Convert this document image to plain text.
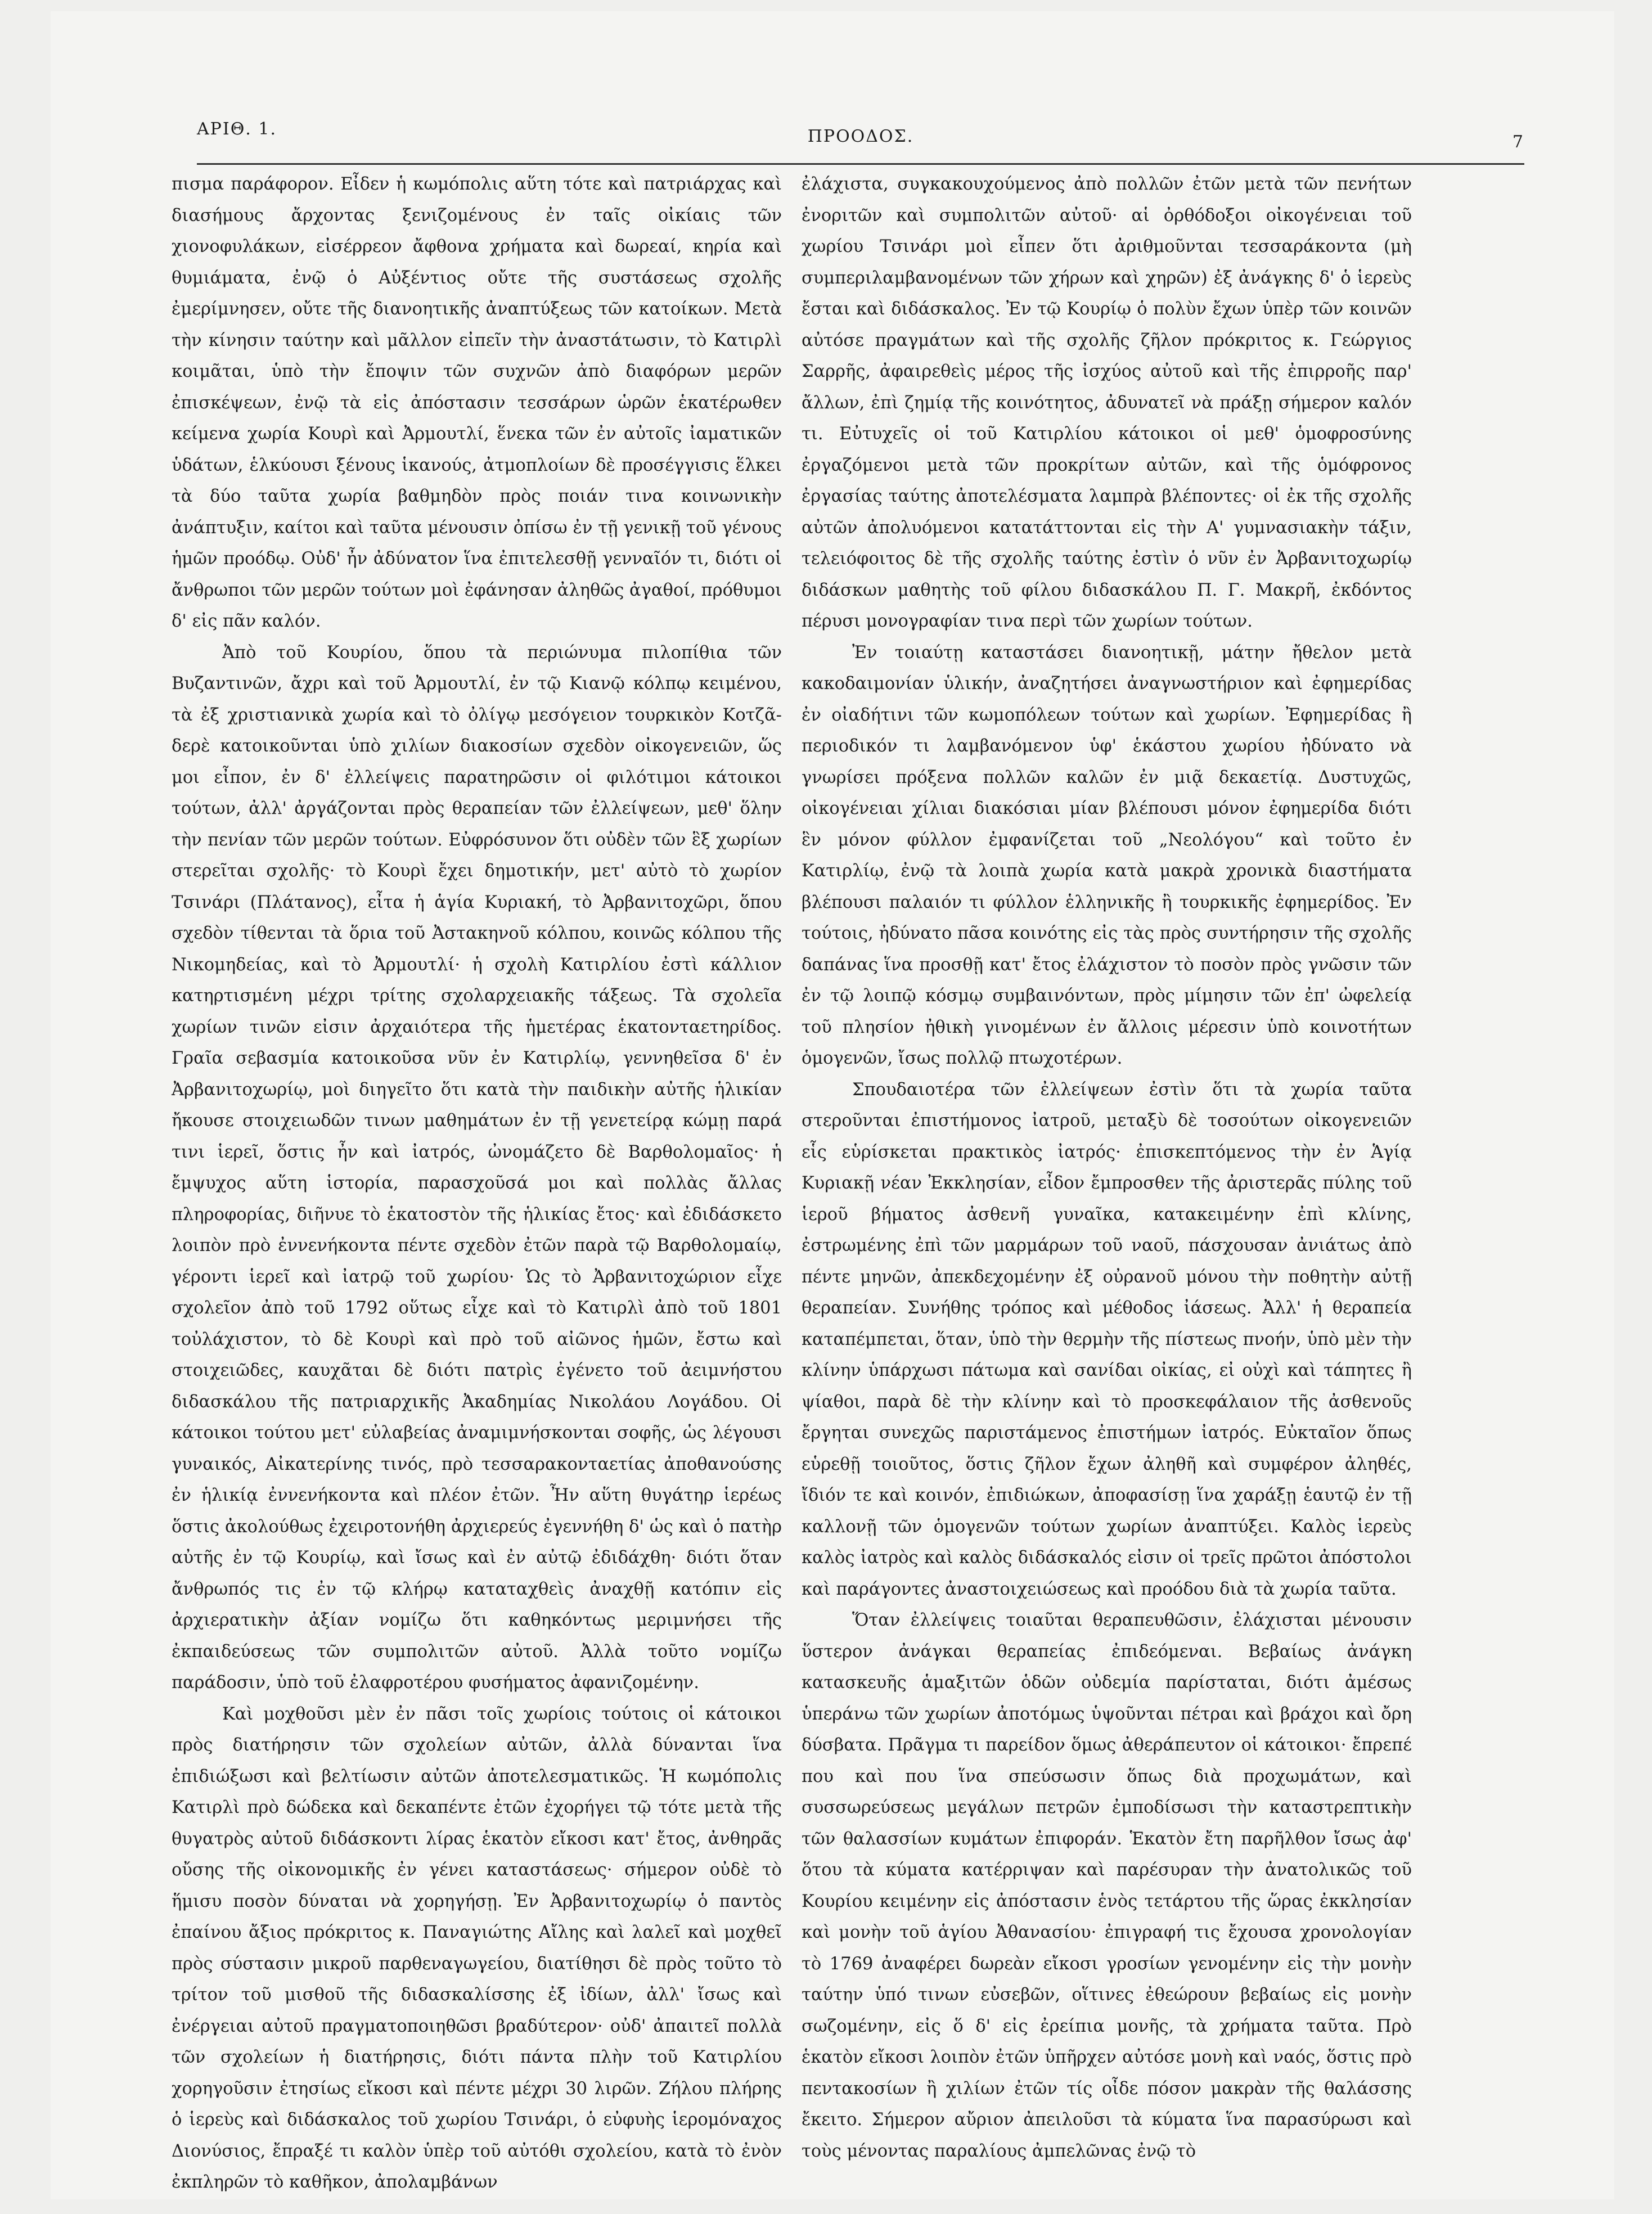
ΑΡΙΘ. 1.	ΠΡΟΟΔΟΣ.	7

πισμα παράφορον. Εἶδεν ἡ κωμόπολις αὕτη τότε καὶ πατριάρχας καὶ διασήμους ἄρχοντας ξενιζομένους ἐν ταῖς οἰκίαις τῶν χιονοφυλάκων, εἰσέρρεον ἄφθονα χρήματα καὶ δωρεαί, κηρία καὶ θυμιάματα, ἐνῷ ὁ Αὐξέντιος οὔτε τῆς συστάσεως σχολῆς ἐμερίμνησεν, οὔτε τῆς διανοητικῆς ἀναπτύξεως τῶν κατοίκων. Μετὰ τὴν κίνησιν ταύτην καὶ μᾶλλον εἰπεῖν τὴν ἀναστάτωσιν, τὸ Κατιρλὶ κοιμᾶται, ὑπὸ τὴν ἔποψιν τῶν συχνῶν ἀπὸ διαφόρων μερῶν ἐπισκέψεων, ἐνῷ τὰ εἰς ἀπόστασιν τεσσάρων ὡρῶν ἑκατέρωθεν κείμενα χωρία Κουρὶ καὶ Ἀρμουτλί, ἕνεκα τῶν ἐν αὐτοῖς ἰαματικῶν ὑδάτων, ἑλκύουσι ξένους ἱκανούς, ἀτμοπλοίων δὲ προσέγγισις ἕλκει τὰ δύο ταῦτα χωρία βαθμηδὸν πρὸς ποιάν τινα κοινωνικὴν ἀνάπτυξιν, καίτοι καὶ ταῦτα μένουσιν ὀπίσω ἐν τῇ γενικῇ τοῦ γένους ἡμῶν προόδῳ. Οὐδ' ἦν ἀδύνατον ἵνα ἐπιτελεσθῇ γενναῖόν τι, διότι οἱ ἄνθρωποι τῶν μερῶν τούτων μοὶ ἐφάνησαν ἀληθῶς ἀγαθοί, πρόθυμοι δ' εἰς πᾶν καλόν.

Ἀπὸ τοῦ Κουρίου, ὅπου τὰ περιώνυμα πιλοπίθια τῶν Βυζαντινῶν, ἄχρι καὶ τοῦ Ἀρμουτλί, ἐν τῷ Κιανῷ κόλπῳ κειμένου, τὰ ἐξ χριστιανικὰ χωρία καὶ τὸ ὀλίγῳ μεσόγειον τουρκικὸν Κοτζᾶ-δερὲ κατοικοῦνται ὑπὸ χιλίων διακοσίων σχεδὸν οἰκογενειῶν, ὥς μοι εἶπον, ἐν δ' ἐλλείψεις παρατηρῶσιν οἱ φιλότιμοι κάτοικοι τούτων, ἀλλ' ἀργάζονται πρὸς θεραπείαν τῶν ἐλλείψεων, μεθ' ὅλην τὴν πενίαν τῶν μερῶν τούτων. Εὐφρόσυνον ὅτι οὐδὲν τῶν ἓξ χωρίων στερεῖται σχολῆς· τὸ Κουρὶ ἔχει δημοτικήν, μετ' αὐτὸ τὸ χωρίον Τσινάρι (Πλάτανος), εἶτα ἡ ἁγία Κυριακή, τὸ Ἀρβανιτοχῶρι, ὅπου σχεδὸν τίθενται τὰ ὅρια τοῦ Ἀστακηνοῦ κόλπου, κοινῶς κόλπου τῆς Νικομηδείας, καὶ τὸ Ἀρμουτλί· ἡ σχολὴ Κατιρλίου ἐστὶ κάλλιον κατηρτισμένη μέχρι τρίτης σχολαρχειακῆς τάξεως. Τὰ σχολεῖα χωρίων τινῶν εἰσιν ἀρχαιότερα τῆς ἡμετέρας ἑκατονταετηρίδος. Γραῖα σεβασμία κατοικοῦσα νῦν ἐν Κατιρλίῳ, γεννηθεῖσα δ' ἐν Ἀρβανιτοχωρίῳ, μοὶ διηγεῖτο ὅτι κατὰ τὴν παιδικὴν αὐτῆς ἡλικίαν ἤκουσε στοιχειωδῶν τινων μαθημάτων ἐν τῇ γενετείρᾳ κώμῃ παρά τινι ἱερεῖ, ὅστις ἦν καὶ ἰατρός, ὠνομάζετο δὲ Βαρθολομαῖος· ἡ ἔμψυχος αὕτη ἱστορία, παρασχοῦσά μοι καὶ πολλὰς ἄλλας πληροφορίας, διῆνυε τὸ ἑκατοστὸν τῆς ἡλικίας ἔτος· καὶ ἐδιδάσκετο λοιπὸν πρὸ ἐννενήκοντα πέντε σχεδὸν ἐτῶν παρὰ τῷ Βαρθολομαίῳ, γέροντι ἱερεῖ καὶ ἰατρῷ τοῦ χωρίου· Ὡς τὸ Ἀρβανιτοχώριον εἶχε σχολεῖον ἀπὸ τοῦ 1792 οὕτως εἶχε καὶ τὸ Κατιρλὶ ἀπὸ τοῦ 1801 τοὐλάχιστον, τὸ δὲ Κουρὶ καὶ πρὸ τοῦ αἰῶνος ἡμῶν, ἔστω καὶ στοιχειῶδες, καυχᾶται δὲ διότι πατρὶς ἐγένετο τοῦ ἀειμνήστου διδασκάλου τῆς πατριαρχικῆς Ἀκαδημίας Νικολάου Λογάδου. Οἱ κάτοικοι τούτου μετ' εὐλαβείας ἀναμιμνήσκονται σοφῆς, ὡς λέγουσι γυναικός, Αἰκατερίνης τινός, πρὸ τεσσαρακονταετίας ἀποθανούσης ἐν ἡλικίᾳ ἐννενήκοντα καὶ πλέον ἐτῶν. Ἦν αὕτη θυγάτηρ ἱερέως ὅστις ἀκολούθως ἐχειροτονήθη ἀρχιερεύς ἐγεννήθη δ' ὡς καὶ ὁ πατὴρ αὐτῆς ἐν τῷ Κουρίῳ, καὶ ἴσως καὶ ἐν αὐτῷ ἐδιδάχθη· διότι ὅταν ἄνθρωπός τις ἐν τῷ κλήρῳ καταταχθεὶς ἀναχθῇ κατόπιν εἰς ἀρχιερατικὴν ἀξίαν νομίζω ὅτι καθηκόντως μεριμνήσει τῆς ἐκπαιδεύσεως τῶν συμπολιτῶν αὐτοῦ. Ἀλλὰ τοῦτο νομίζω παράδοσιν, ὑπὸ τοῦ ἐλαφροτέρου φυσήματος ἀφανιζομένην.

Καὶ μοχθοῦσι μὲν ἐν πᾶσι τοῖς χωρίοις τούτοις οἱ κάτοικοι πρὸς διατήρησιν τῶν σχολείων αὐτῶν, ἀλλὰ δύνανται ἵνα ἐπιδιώξωσι καὶ βελτίωσιν αὐτῶν ἀποτελεσματικῶς. Ἡ κωμόπολις Κατιρλὶ πρὸ δώδεκα καὶ δεκαπέντε ἐτῶν ἐχορήγει τῷ τότε μετὰ τῆς θυγατρὸς αὐτοῦ διδάσκοντι λίρας ἑκατὸν εἴκοσι κατ' ἔτος, ἀνθηρᾶς οὔσης τῆς οἰκονομικῆς ἐν γένει καταστάσεως· σήμερον οὐδὲ τὸ ἥμισυ ποσὸν δύναται νὰ χορηγήσῃ. Ἐν Ἀρβανιτοχωρίῳ ὁ παντὸς ἐπαίνου ἄξιος πρόκριτος κ. Παναγιώτης Αἴλης καὶ λαλεῖ καὶ μοχθεῖ πρὸς σύστασιν μικροῦ παρθεναγωγείου, διατίθησι δὲ πρὸς τοῦτο τὸ τρίτον τοῦ μισθοῦ τῆς διδασκαλίσσης ἐξ ἰδίων, ἀλλ' ἴσως καὶ ἐνέργειαι αὐτοῦ πραγματοποιηθῶσι βραδύτερον· οὐδ' ἀπαιτεῖ πολλὰ τῶν σχολείων ἡ διατήρησις, διότι πάντα πλὴν τοῦ Κατιρλίου χορηγοῦσιν ἐτησίως εἴκοσι καὶ πέντε μέχρι 30 λιρῶν. Ζήλου πλήρης ὁ ἱερεὺς καὶ διδάσκαλος τοῦ χωρίου Τσινάρι, ὁ εὐφυὴς ἱερομόναχος Διονύσιος, ἔπραξέ τι καλὸν ὑπὲρ τοῦ αὐτόθι σχολείου, κατὰ τὸ ἐνὸν ἐκπληρῶν τὸ καθῆκον, ἀπολαμβάνων

ἐλάχιστα, συγκακουχούμενος ἀπὸ πολλῶν ἐτῶν μετὰ τῶν πενήτων ἐνοριτῶν καὶ συμπολιτῶν αὐτοῦ· αἱ ὀρθόδοξοι οἰκογένειαι τοῦ χωρίου Τσινάρι μοὶ εἶπεν ὅτι ἀριθμοῦνται τεσσαράκοντα (μὴ συμπεριλαμβανομένων τῶν χήρων καὶ χηρῶν) ἐξ ἀνάγκης δ' ὁ ἱερεὺς ἔσται καὶ διδάσκαλος. Ἐν τῷ Κουρίῳ ὁ πολὺν ἔχων ὑπὲρ τῶν κοινῶν αὐτόσε πραγμάτων καὶ τῆς σχολῆς ζῆλον πρόκριτος κ. Γεώργιος Σαρρῆς, ἀφαιρεθεὶς μέρος τῆς ἰσχύος αὐτοῦ καὶ τῆς ἐπιρροῆς παρ' ἄλλων, ἐπὶ ζημίᾳ τῆς κοινότητος, ἀδυνατεῖ νὰ πράξῃ σήμερον καλόν τι. Εὐτυχεῖς οἱ τοῦ Κατιρλίου κάτοικοι οἱ μεθ' ὁμοφροσύνης ἐργαζόμενοι μετὰ τῶν προκρίτων αὐτῶν, καὶ τῆς ὁμόφρονος ἐργασίας ταύτης ἀποτελέσματα λαμπρὰ βλέποντες· οἱ ἐκ τῆς σχολῆς αὐτῶν ἀπολυόμενοι κατατάττονται εἰς τὴν Α' γυμνασιακὴν τάξιν, τελειόφοιτος δὲ τῆς σχολῆς ταύτης ἐστὶν ὁ νῦν ἐν Ἀρβανιτοχωρίῳ διδάσκων μαθητὴς τοῦ φίλου διδασκάλου Π. Γ. Μακρῆ, ἐκδόντος πέρυσι μονογραφίαν τινα περὶ τῶν χωρίων τούτων.

Ἐν τοιαύτῃ καταστάσει διανοητικῇ, μάτην ἤθελον μετὰ κακοδαιμονίαν ὑλικήν, ἀναζητήσει ἀναγνωστήριον καὶ ἐφημερίδας ἐν οἰαδήτινι τῶν κωμοπόλεων τούτων καὶ χωρίων. Ἐφημερίδας ἢ περιοδικόν τι λαμβανόμενον ὑφ' ἑκάστου χωρίου ἠδύνατο νὰ γνωρίσει πρόξενα πολλῶν καλῶν ἐν μιᾷ δεκαετίᾳ. Δυστυχῶς, οἰκογένειαι χίλιαι διακόσιαι μίαν βλέπουσι μόνον ἐφημερίδα διότι ἓν μόνον φύλλον ἐμφανίζεται τοῦ „Νεολόγου“ καὶ τοῦτο ἐν Κατιρλίῳ, ἐνῷ τὰ λοιπὰ χωρία κατὰ μακρὰ χρονικὰ διαστήματα βλέπουσι παλαιόν τι φύλλον ἑλληνικῆς ἢ τουρκικῆς ἐφημερίδος. Ἐν τούτοις, ἠδύνατο πᾶσα κοινότης εἰς τὰς πρὸς συντήρησιν τῆς σχολῆς δαπάνας ἵνα προσθῇ κατ' ἔτος ἐλάχιστον τὸ ποσὸν πρὸς γνῶσιν τῶν ἐν τῷ λοιπῷ κόσμῳ συμβαινόντων, πρὸς μίμησιν τῶν ἐπ' ὠφελείᾳ τοῦ πλησίον ἠθικὴ γινομένων ἐν ἄλλοις μέρεσιν ὑπὸ κοινοτήτων ὁμογενῶν, ἴσως πολλῷ πτωχοτέρων.

Σπουδαιοτέρα τῶν ἐλλείψεων ἐστὶν ὅτι τὰ χωρία ταῦτα στεροῦνται ἐπιστήμονος ἰατροῦ, μεταξὺ δὲ τοσούτων οἰκογενειῶν εἷς εὑρίσκεται πρακτικὸς ἰατρός· ἐπισκεπτόμενος τὴν ἐν Ἁγίᾳ Κυριακῇ νέαν Ἐκκλησίαν, εἶδον ἔμπροσθεν τῆς ἀριστερᾶς πύλης τοῦ ἱεροῦ βήματος ἀσθενῆ γυναῖκα, κατακειμένην ἐπὶ κλίνης, ἐστρωμένης ἐπὶ τῶν μαρμάρων τοῦ ναοῦ, πάσχουσαν ἀνιάτως ἀπὸ πέντε μηνῶν, ἀπεκδεχομένην ἐξ οὐρανοῦ μόνου τὴν ποθητὴν αὐτῇ θεραπείαν. Συνήθης τρόπος καὶ μέθοδος ἰάσεως. Ἀλλ' ἡ θεραπεία καταπέμπεται, ὅταν, ὑπὸ τὴν θερμὴν τῆς πίστεως πνοήν, ὑπὸ μὲν τὴν κλίνην ὑπάρχωσι πάτωμα καὶ σανίδαι οἰκίας, εἰ οὐχὶ καὶ τάπητες ἢ ψίαθοι, παρὰ δὲ τὴν κλίνην καὶ τὸ προσκεφάλαιον τῆς ἀσθενοῦς ἔργηται συνεχῶς παριστάμενος ἐπιστήμων ἰατρός. Εὐκταῖον ὅπως εὑρεθῇ τοιοῦτος, ὅστις ζῆλον ἔχων ἀληθῆ καὶ συμφέρον ἀληθές, ἴδιόν τε καὶ κοινόν, ἐπιδιώκων, ἀποφασίσῃ ἵνα χαράξῃ ἑαυτῷ ἐν τῇ καλλονῇ τῶν ὁμογενῶν τούτων χωρίων ἀναπτύξει. Καλὸς ἱερεὺς καλὸς ἰατρὸς καὶ καλὸς διδάσκαλός εἰσιν οἱ τρεῖς πρῶτοι ἀπόστολοι καὶ παράγοντες ἀναστοιχειώσεως καὶ προόδου διὰ τὰ χωρία ταῦτα.

Ὅταν ἐλλείψεις τοιαῦται θεραπευθῶσιν, ἐλάχισται μένουσιν ὕστερον ἀνάγκαι θεραπείας ἐπιδεόμεναι. Βεβαίως ἀνάγκη κατασκευῆς ἁμαξιτῶν ὁδῶν οὐδεμία παρίσταται, διότι ἀμέσως ὑπεράνω τῶν χωρίων ἀποτόμως ὑψοῦνται πέτραι καὶ βράχοι καὶ ὄρη δύσβατα. Πρᾶγμα τι παρείδον ὅμως ἀθεράπευτον οἱ κάτοικοι· ἔπρεπέ που καὶ που ἵνα σπεύσωσιν ὅπως διὰ προχωμάτων, καὶ συσσωρεύσεως μεγάλων πετρῶν ἐμποδίσωσι τὴν καταστρεπτικὴν τῶν θαλασσίων κυμάτων ἐπιφοράν. Ἑκατὸν ἔτη παρῆλθον ἴσως ἀφ' ὅτου τὰ κύματα κατέρριψαν καὶ παρέσυραν τὴν ἀνατολικῶς τοῦ Κουρίου κειμένην εἰς ἀπόστασιν ἑνὸς τετάρτου τῆς ὥρας ἐκκλησίαν καὶ μονὴν τοῦ ἁγίου Ἀθανασίου· ἐπιγραφή τις ἔχουσα χρονολογίαν τὸ 1769 ἀναφέρει δωρεὰν εἴκοσι γροσίων γενομένην εἰς τὴν μονὴν ταύτην ὑπό τινων εὐσεβῶν, οἵτινες ἐθεώρουν βεβαίως εἰς μονὴν σωζομένην, εἰς ὅ δ' εἰς ἐρείπια μονῆς, τὰ χρήματα ταῦτα. Πρὸ ἑκατὸν εἴκοσι λοιπὸν ἐτῶν ὑπῆρχεν αὐτόσε μονὴ καὶ ναός, ὅστις πρὸ πεντακοσίων ἢ χιλίων ἐτῶν τίς οἶδε πόσον μακρὰν τῆς θαλάσσης ἔκειτο. Σήμερον αὔριον ἀπειλοῦσι τὰ κύματα ἵνα παρασύρωσι καὶ τοὺς μένοντας παραλίους ἀμπελῶνας ἐνῷ τὸ
